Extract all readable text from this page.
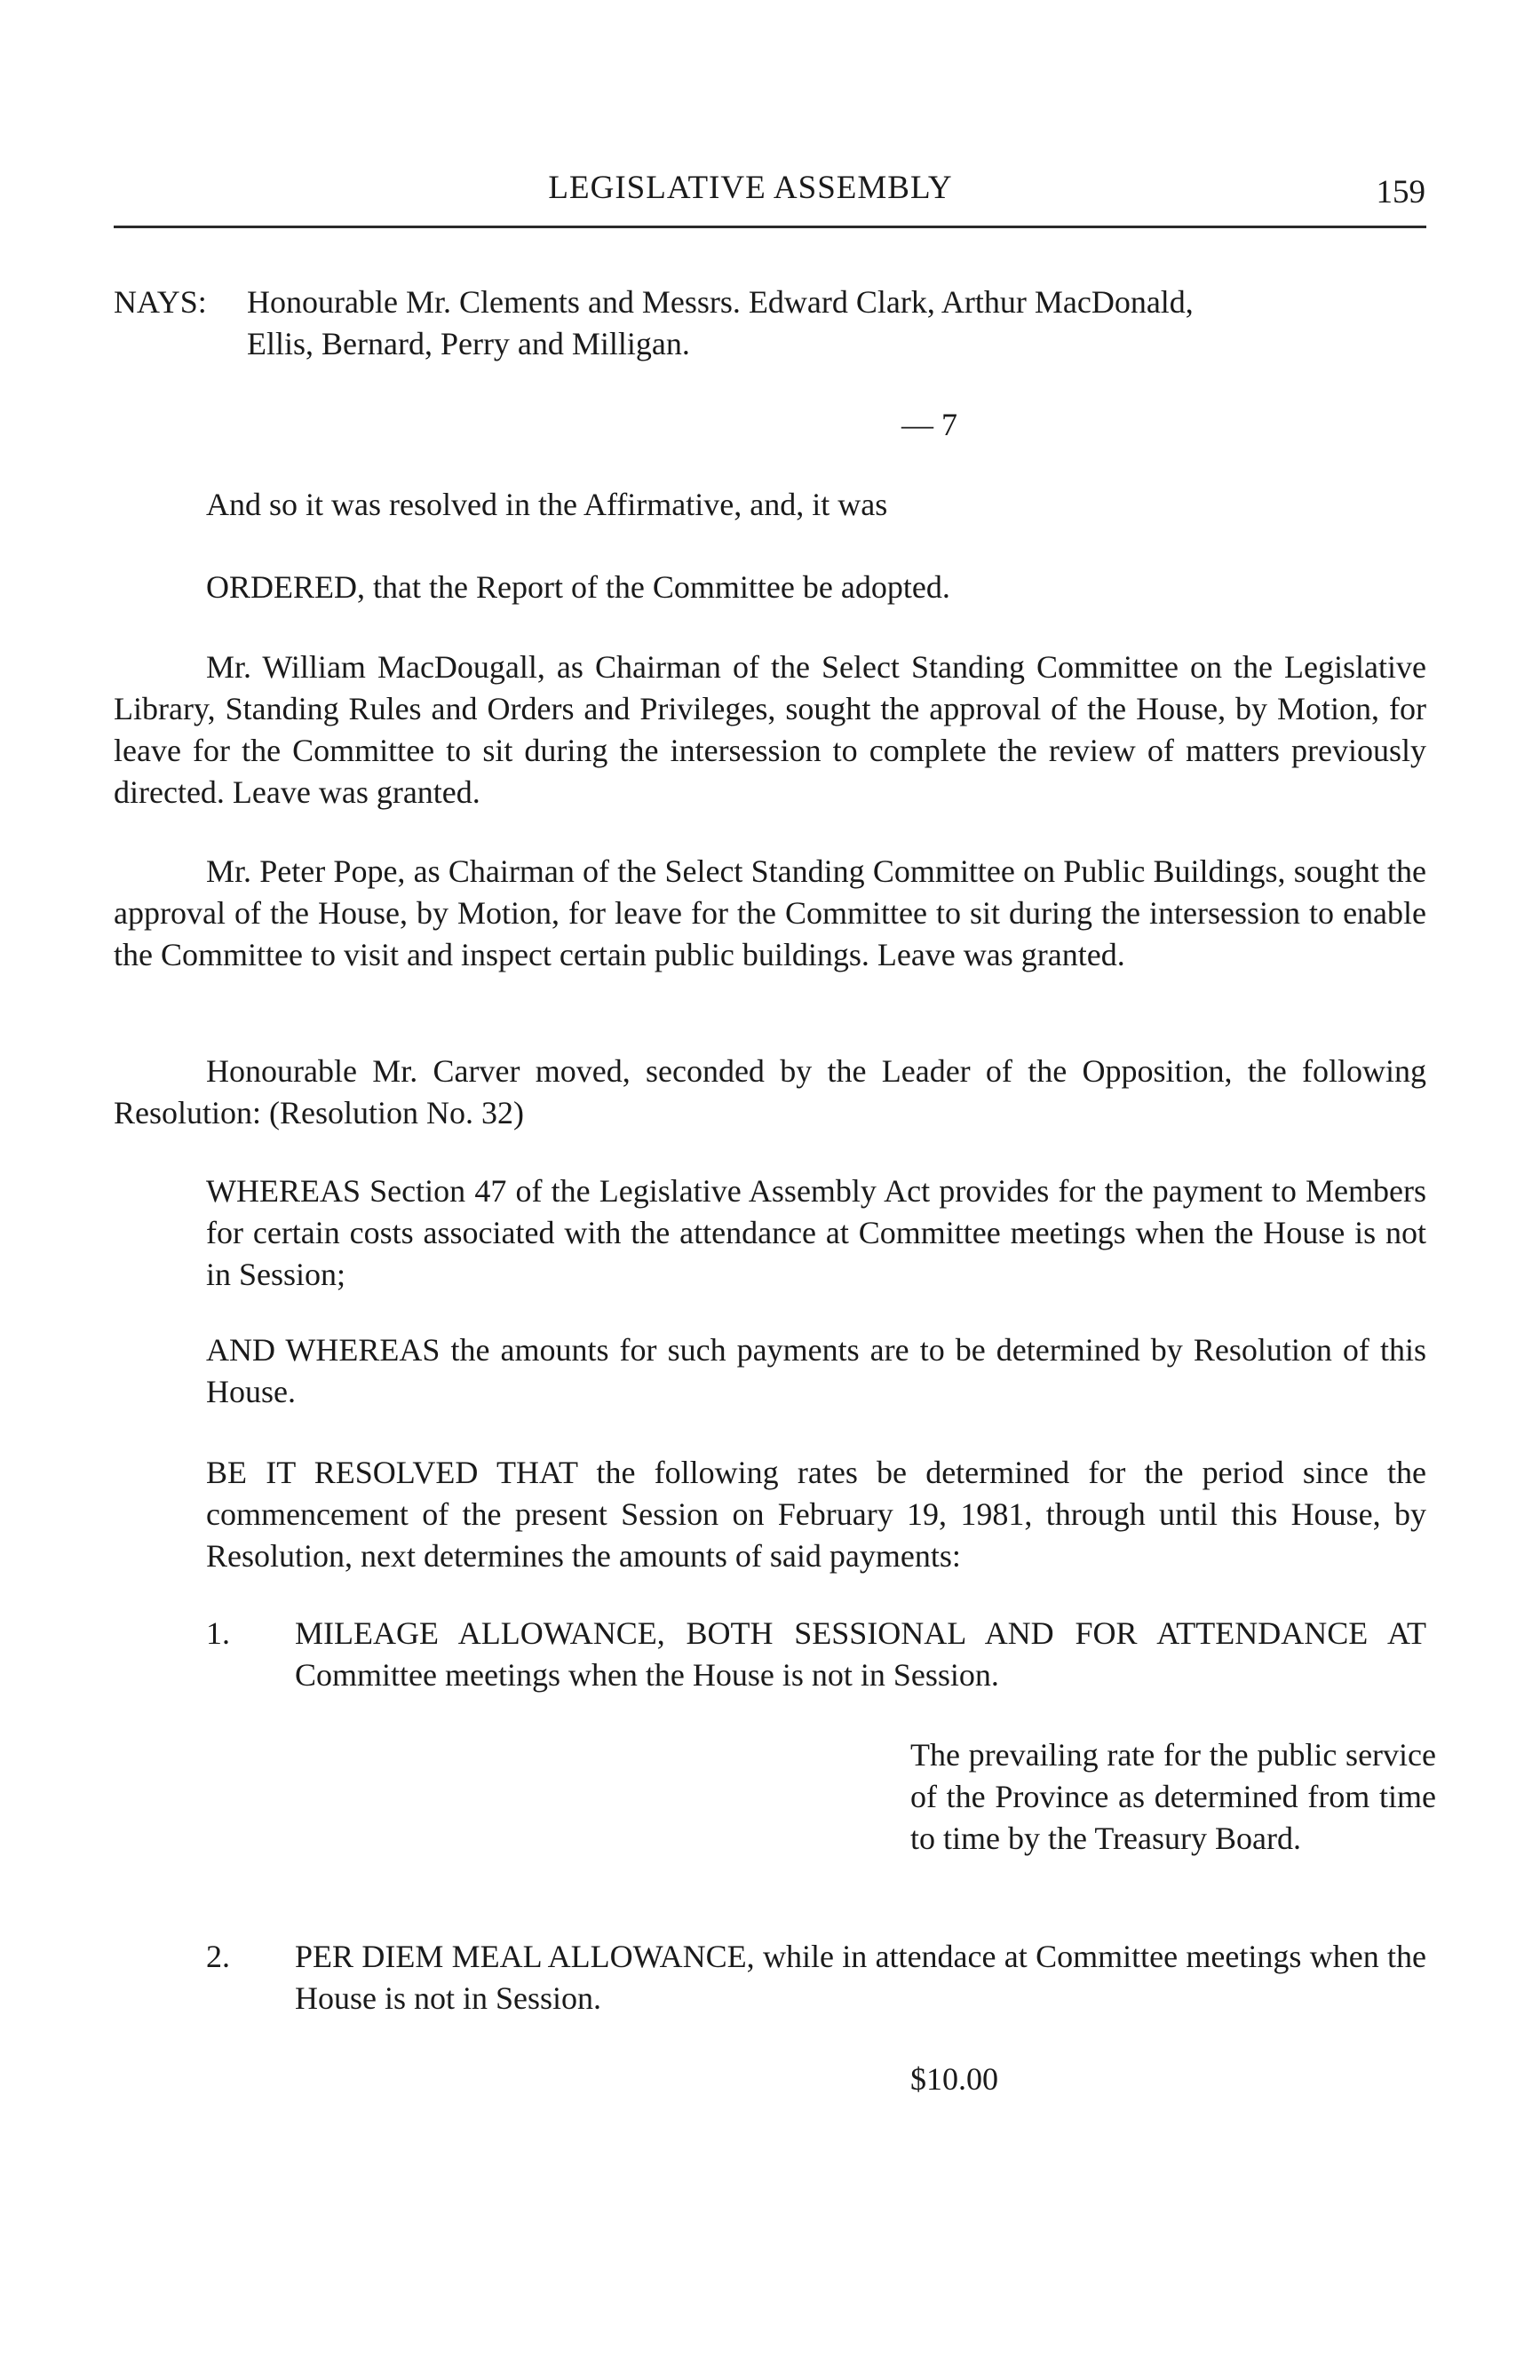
LEGISLATIVE ASSEMBLY	159
NAYS:	Honourable Mr. Clements and Messrs. Edward Clark, Arthur MacDonald,
Ellis, Bernard, Perry and Milligan.
— 7
And so it was resolved in the Affirmative, and, it was
ORDERED, that the Report of the Committee be adopted.
Mr. William MacDougall, as Chairman of the Select Standing Committee on the Legislative Library, Standing Rules and Orders and Privileges, sought the approval of the House, by Motion, for leave for the Committee to sit during the intersession to complete the review of matters previously directed. Leave was granted.
Mr. Peter Pope, as Chairman of the Select Standing Committee on Public Buildings, sought the approval of the House, by Motion, for leave for the Committee to sit during the intersession to enable the Committee to visit and inspect certain public buildings. Leave was granted.
Honourable Mr. Carver moved, seconded by the Leader of the Opposition, the following Resolution: (Resolution No. 32)
WHEREAS Section 47 of the Legislative Assembly Act provides for the payment to Members for certain costs associated with the attendance at Committee meetings when the House is not in Session;
AND WHEREAS the amounts for such payments are to be determined by Resolution of this House.
BE IT RESOLVED THAT the following rates be determined for the period since the commencement of the present Session on February 19, 1981, through until this House, by Resolution, next determines the amounts of said payments:
1.	MILEAGE ALLOWANCE, BOTH SESSIONAL AND FOR ATTENDANCE AT Committee meetings when the House is not in Session.
The prevailing rate for the public service of the Province as determined from time to time by the Treasury Board.
2.	PER DIEM MEAL ALLOWANCE, while in attendace at Committee meetings when the House is not in Session.
$10.00
